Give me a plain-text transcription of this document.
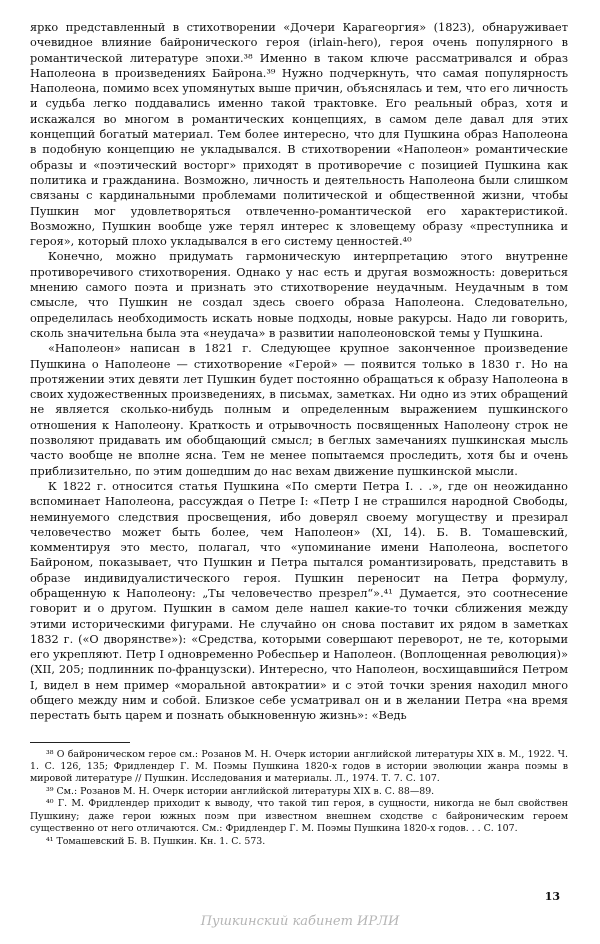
ярко представленный в стихотворении «Дочери Карагеоргия» (1823), обнаруживает очевидное влияние байронического героя (irlain-hero), героя очень популярного в романтической литературе эпохи.³⁸ Именно в таком ключе рассматривался и образ Наполеона в произведениях Байрона.³⁹ Нужно подчеркнуть, что самая популярность Наполеона, помимо всех упомянутых выше причин, объяснялась и тем, что его личность и судьба легко поддавались именно такой трактовке. Его реальный образ, хотя и искажался во многом в романтических концепциях, в самом деле давал для этих концепций богатый материал. Тем более интересно, что для Пушкина образ Наполеона в подобную концепцию не укладывался. В стихотворении «Наполеон» романтические образы и «поэтический восторг» приходят в противоречие с позицией Пушкина как политика и гражданина. Возможно, личность и деятельность Наполеона были слишком связаны с кардинальными проблемами политической и общественной жизни, чтобы Пушкин мог удовлетворяться отвлеченно-романтической его характеристикой. Возможно, Пушкин вообще уже терял интерес к зловещему образу «преступника и героя», который плохо укладывался в его систему ценностей.⁴⁰

Конечно, можно придумать гармоническую интерпретацию этого внутренне противоречивого стихотворения. Однако у нас есть и другая возможность: довериться мнению самого поэта и признать это стихотворение неудачным. Неудачным в том смысле, что Пушкин не создал здесь своего образа Наполеона. Следовательно, определилась необходимость искать новые подходы, новые ракурсы. Надо ли говорить, сколь значительна была эта «неудача» в развитии наполеоновской темы у Пушкина.

«Наполеон» написан в 1821 г. Следующее крупное законченное произведение Пушкина о Наполеоне — стихотворение «Герой» — появится только в 1830 г. Но на протяжении этих девяти лет Пушкин будет постоянно обращаться к образу Наполеона в своих художественных произведениях, в письмах, заметках. Ни одно из этих обращений не является сколько-нибудь полным и определенным выражением пушкинского отношения к Наполеону. Краткость и отрывочность посвященных Наполеону строк не позволяют придавать им обобщающий смысл; в беглых замечаниях пушкинская мысль часто вообще не вполне ясна. Тем не менее попытаемся проследить, хотя бы и очень приблизительно, по этим дошедшим до нас вехам движение пушкинской мысли.

К 1822 г. относится статья Пушкина «По смерти Петра I. . .», где он неожиданно вспоминает Наполеона, рассуждая о Петре I: «Петр I не страшился народной Свободы, неминуемого следствия просвещения, ибо доверял своему могуществу и презирал человечество может быть более, чем Наполеон» (XI, 14). Б. В. Томашевский, комментируя это место, полагал, что «упоминание имени Наполеона, воспетого Байроном, показывает, что Пушкин и Петра пытался романтизировать, представить в образе индивидуалистического героя. Пушкин переносит на Петра формулу, обращенную к Наполеону: „Ты человечество презрел“».⁴¹ Думается, это соотнесение говорит и о другом. Пушкин в самом деле нашел какие-то точки сближения между этими историческими фигурами. Не случайно он снова поставит их рядом в заметках 1832 г. («О дворянстве»): «Средства, которыми совершают переворот, не те, которыми его укрепляют. Петр I одновременно Робеспьер и Наполеон. (Воплощенная революция)» (XII, 205; подлинник по-французски). Интересно, что Наполеон, восхищавшийся Петром I, видел в нем пример «моральной автократии» и с этой точки зрения находил много общего между ним и собой. Близкое себе усматривал он и в желании Петра «на время перестать быть царем и познать обыкновенную жизнь»: «Ведь

³⁸ О байроническом герое см.: Розанов М. Н. Очерк истории английской литературы XIX в. М., 1922. Ч. 1. С. 126, 135; Фридлендер Г. М. Поэмы Пушкина 1820-х годов в истории эволюции жанра поэмы в мировой литературе // Пушкин. Исследования и материалы. Л., 1974. Т. 7. С. 107.

³⁹ См.: Розанов М. Н. Очерк истории английской литературы XIX в. С. 88—89.

⁴⁰ Г. М. Фридлендер приходит к выводу, что такой тип героя, в сущности, никогда не был свойствен Пушкину; даже герои южных поэм при известном внешнем сходстве с байроническим героем существенно от него отличаются. См.: Фридлендер Г. М. Поэмы Пушкина 1820-х годов. . . С. 107.

⁴¹ Томашевский Б. В. Пушкин. Кн. 1. С. 573.

Пушкинский кабинет ИРЛИ
13
